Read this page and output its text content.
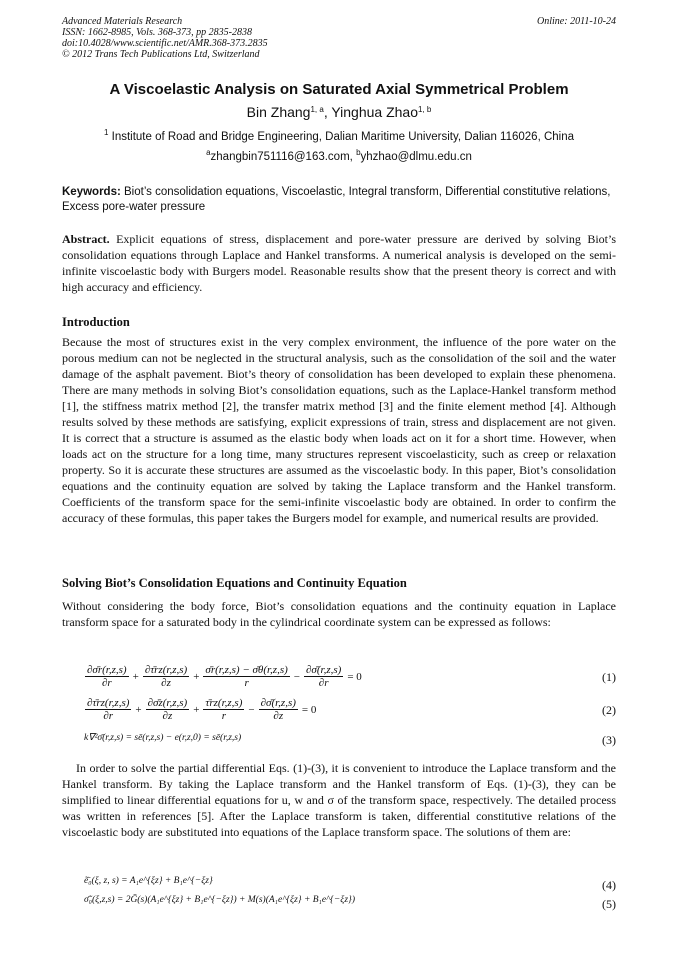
Advanced Materials Research
ISSN: 1662-8985, Vols. 368-373, pp 2835-2838
doi:10.4028/www.scientific.net/AMR.368-373.2835
© 2012 Trans Tech Publications Ltd, Switzerland
Online: 2011-10-24
A Viscoelastic Analysis on Saturated Axial Symmetrical Problem
Bin Zhang$^{1, a}$, Yinghua Zhao$^{1, b}$
$^1$ Institute of Road and Bridge Engineering, Dalian Maritime University, Dalian 116026, China
$^a$zhangbin751116@163.com, $^b$yhzhao@dlmu.edu.cn
Keywords: Biot’s consolidation equations, Viscoelastic, Integral transform, Differential constitutive relations, Excess pore-water pressure
Abstract. Explicit equations of stress, displacement and pore-water pressure are derived by solving Biot’s consolidation equations through Laplace and Hankel transforms. A numerical analysis is developed on the semi-infinite viscoelastic body with Burgers model. Reasonable results show that the present theory is correct and with high accuracy and efficiency.
Introduction
Because the most of structures exist in the very complex environment, the influence of the pore water on the porous medium can not be neglected in the structural analysis, such as the consolidation of the soil and the water damage of the asphalt pavement. Biot’s theory of consolidation has been developed to explain these phenomena. There are many methods in solving Biot’s consolidation equations, such as the Laplace-Hankel transform method [1], the stiffness matrix method [2], the transfer matrix method [3] and the finite element method [4]. Although results solved by these methods are satisfying, explicit expressions of train, stress and displacement are not given. It is correct that a structure is assumed as the elastic body when loads act on it for a short time. However, when loads act on the structure for a long time, many structures represent viscoelasticity, such as creep or relaxation property. So it is accurate these structures are assumed as the viscoelastic body. In this paper, Biot’s consolidation equations and the continuity equation are solved by taking the Laplace transform and the Hankel transform. Coefficients of the transform space for the semi-infinite viscoelastic body are obtained. In order to confirm the accuracy of these formulas, this paper takes the Burgers model for example, and numerical results are provided.
Solving Biot’s Consolidation Equations and Continuity Equation
Without considering the body force, Biot’s consolidation equations and the continuity equation in Laplace transform space for a saturated body in the cylindrical coordinate system can be expressed as follows:
$\frac{\partial\sigmār(r,z,s)}{\partial r} + \frac{\partial\taūrz(r,z,s)}{\partial z} + \frac{\sigmār(r,z,s) - \sigmā\theta(r,z,s)}{r} - \frac{\partial\sigmā(r,z,s)}{\partial r} = 0$	(1)
$\frac{\partial\taūrz(r,z,s)}{\partial r} + \frac{\partial\sigmāz(r,z,s)}{\partial z} + \frac{\taūrz(r,z,s)}{r} - \frac{\partial\sigmā(r,z,s)}{\partial z} = 0$	(2)
k∇²σ̄(r,z,s) = sē(r,z,s) − e(r,z,0) = sē(r,z,s)	(3)
In order to solve the partial differential Eqs. (1)-(3), it is convenient to introduce the Laplace transform and the Hankel transform. By taking the Laplace transform and the Hankel transform of Eqs. (1)-(3), they can be simplified to linear differential equations for u, w and σ of the transform space, respectively. The detailed process was written in references [5]. After the Laplace transform is taken, differential constitutive relations of the viscoelastic body are substituted into equations of the Laplace transform space. The solutions of them are:
ẽ̄₀(ξ, z, s) = A₁e^{ξz} + B₁e^{−ξz}	(4)
σ̃̄₀(ξ,z,s) = 2Ḡ(s)(A₁e^{ξz} + B₁e^{−ξz}) + M(s)(A₁e^{ξz} + B₁e^{−ξz})	(5)
